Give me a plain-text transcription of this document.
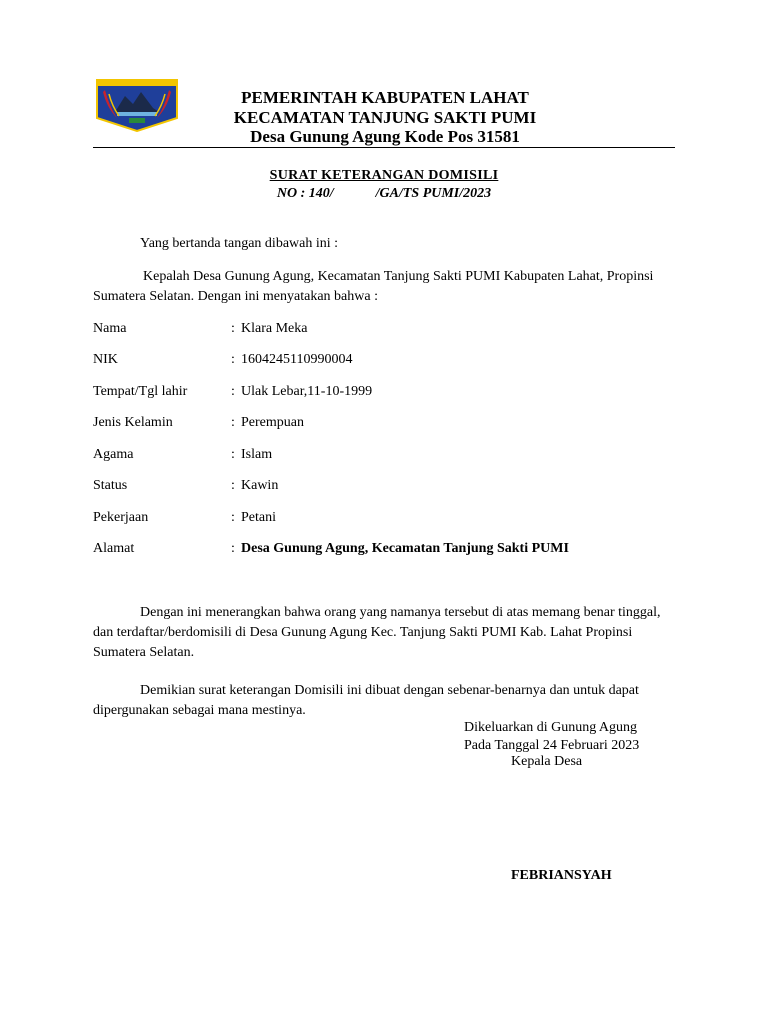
PEMERINTAH KABUPATEN LAHAT
KECAMATAN TANJUNG SAKTI PUMI
Desa Gunung Agung Kode Pos 31581
SURAT KETERANGAN DOMISILI
NO : 140/	/GA/TS PUMI/2023
Yang bertanda tangan dibawah ini :
Kepalah Desa Gunung Agung, Kecamatan Tanjung Sakti PUMI Kabupaten Lahat, Propinsi Sumatera Selatan. Dengan ini menyatakan bahwa :
Nama	: Klara Meka
NIK	: 1604245110990004
Tempat/Tgl lahir	: Ulak Lebar,11-10-1999
Jenis Kelamin	: Perempuan
Agama	: Islam
Status	: Kawin
Pekerjaan	: Petani
Alamat	: Desa Gunung Agung, Kecamatan Tanjung Sakti PUMI
Dengan ini menerangkan bahwa orang yang namanya tersebut di atas memang benar tinggal, dan terdaftar/berdomisili di Desa Gunung Agung Kec. Tanjung Sakti PUMI Kab. Lahat Propinsi Sumatera Selatan.
Demikian surat keterangan Domisili ini dibuat dengan sebenar-benarnya dan untuk dapat dipergunakan sebagai mana mestinya.
Dikeluarkan di Gunung Agung
Pada Tanggal 24 Februari 2023
Kepala Desa
FEBRIANSYAH
